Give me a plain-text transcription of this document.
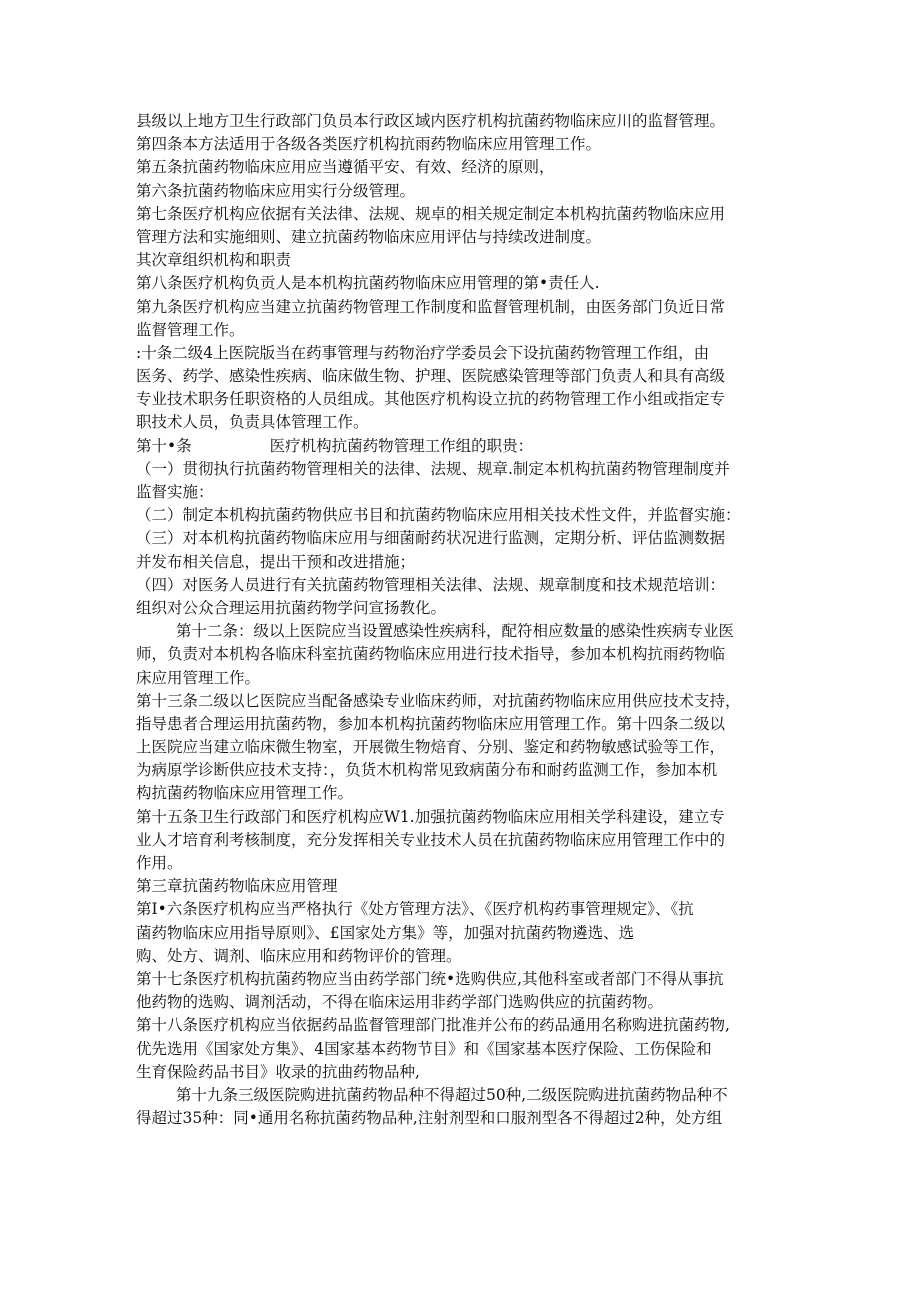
县级以上地方卫生行政部门负员本行政区域内医疗机构抗菌药物临床应川的监督管理。
第四条本方法适用于各级各类医疗机构抗雨药物临床应用管理工作。
第五条抗菌药物临床应用应当遵循平安、有效、经济的原则，
第六条抗菌药物临床应用实行分级管理。
第七条医疗机构应依据有关法律、法规、规卓的相关规定制定本机构抗菌药物临床应用
管理方法和实施细则、建立抗菌药物临床应用评估与持续改进制度。
其次章组织机构和职责
第八条医疗机构负贡人是本机构抗菌药物临床应用管理的第•责任人.
第九条医疗机构应当建立抗菌药物管理工作制度和监督管理机制，由医务部门负近日常
监督管理工作。
:十条二级4上医院版当在药事管理与药物治疗学委员会下设抗菌药物管理工作组，由
医务、药学、感染性疾病、临床做生物、护理、医院感染管理等部门负责人和具有高级
专业技术职务任职资格的人员组成。其他医疗机构设立抗的药物管理工作小组或指定专
职技术人员，负责具体管理工作。
第十•条	医疗机构抗菌药物管理工作组的职贵：
（一）贯彻执行抗菌药物管理相关的法律、法规、规章.制定本机构抗菌药物管理制度并
监督实施：
（二）制定本机构抗菌药物供应书目和抗菌药物临床应用相关技术性文件，并监督实施：
（三）对本机构抗菌药物临床应用与细菌耐药状况进行监测，定期分析、评估监测数据
并发布相关信息，提出干预和改进措施；
（四）对医务人员进行有关抗菌药物管理相关法律、法规、规章制度和技术规范培训：
组织对公众合理运用抗菌药物学问宣扬教化。
第十二条：级以上医院应当设置感染性疾病科，配符相应数量的感染性疾病专业医
师，负责对本机构各临床科室抗菌药物临床应用进行技术指导，参加本机构抗雨药物临
床应用管理工作。
第十三条二级以匕医院应当配备感染专业临床药师，对抗菌药物临床应用供应技术支持，
指导患者合理运用抗菌药物，参加本机构抗菌药物临床应用管理工作。第十四条二级以
上医院应当建立临床微生物室，开展微生物焙育、分别、鉴定和药物敏感试验等工作，
为病原学诊断供应技术支持：，负货木机构常见致病菌分布和耐药监测工作，参加本机
构抗菌药物临床应用管理工作。
第十五条卫生行政部门和医疗机构应W1.加强抗菌药物临床应用相关学科建设，建立专
业人才培育利考核制度，充分发挥相关专业技术人员在抗菌药物临床应用管理工作中的
作用。
第三章抗菌药物临床应用管理
第I•六条医疗机构应当严格执行《处方管理方法》、《医疗机构药事管理规定》、《抗
菌药物临床应用指导原则》、£国家处方集》等，加强对抗菌药物遴选、选
购、处方、调剂、临床应用和药物评价的管理。
第十七条医疗机构抗菌药物应当由药学部门统•选购供应,其他科室或者部门不得从事抗
他药物的选购、调剂活动，不得在临床运用非药学部门选购供应的抗菌药物。
第十八条医疗机构应当依据药品监督管理部门批准并公布的药品通用名称购进抗菌药物,
优先选用《国家处方集》、4国家基本药物节目》和《国家基本医疗保险、工伤保险和
生育保险药品书目》收录的抗曲药物品种,
第十九条三级医院购进抗菌药物品种不得超过50种,二级医院购进抗菌药物品种不
得超过35种：同•通用名称抗菌药物品种,注射剂型和口服剂型各不得超过2种，处方组
